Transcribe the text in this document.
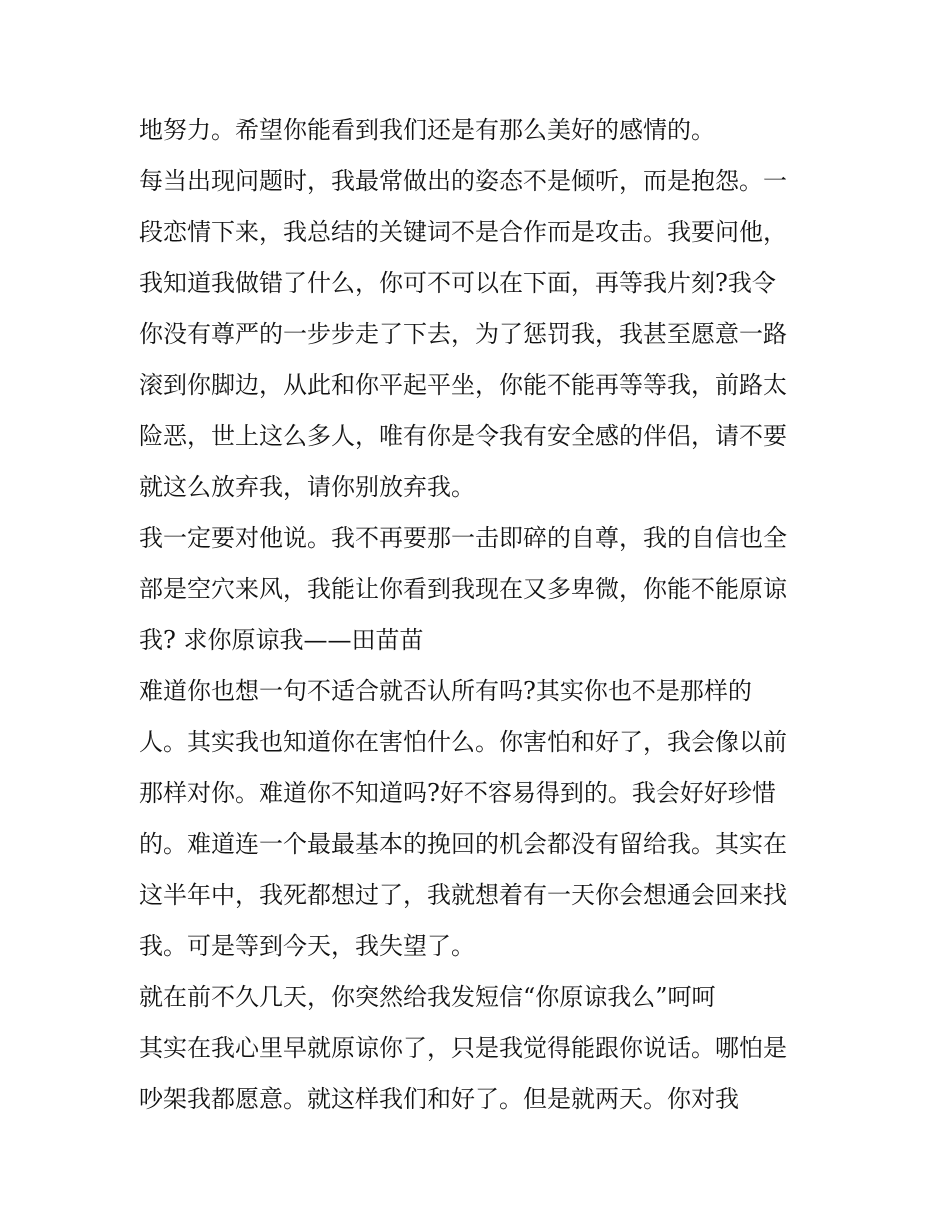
地努力。希望你能看到我们还是有那么美好的感情的。
每当出现问题时，我最常做出的姿态不是倾听，而是抱怨。一
段恋情下来，我总结的关键词不是合作而是攻击。我要问他，
我知道我做错了什么，你可不可以在下面，再等我片刻?我令
你没有尊严的一步步走了下去，为了惩罚我，我甚至愿意一路
滚到你脚边，从此和你平起平坐，你能不能再等等我，前路太
险恶，世上这么多人，唯有你是令我有安全感的伴侣，请不要
就这么放弃我，请你别放弃我。
我一定要对他说。我不再要那一击即碎的自尊，我的自信也全
部是空穴来风，我能让你看到我现在又多卑微，你能不能原谅
我? 求你原谅我——田苗苗
难道你也想一句不适合就否认所有吗?其实你也不是那样的
人。其实我也知道你在害怕什么。你害怕和好了，我会像以前
那样对你。难道你不知道吗?好不容易得到的。我会好好珍惜
的。难道连一个最最基本的挽回的机会都没有留给我。其实在
这半年中，我死都想过了，我就想着有一天你会想通会回来找
我。可是等到今天，我失望了。
就在前不久几天，你突然给我发短信“你原谅我么”呵呵
其实在我心里早就原谅你了，只是我觉得能跟你说话。哪怕是
吵架我都愿意。就这样我们和好了。但是就两天。你对我
